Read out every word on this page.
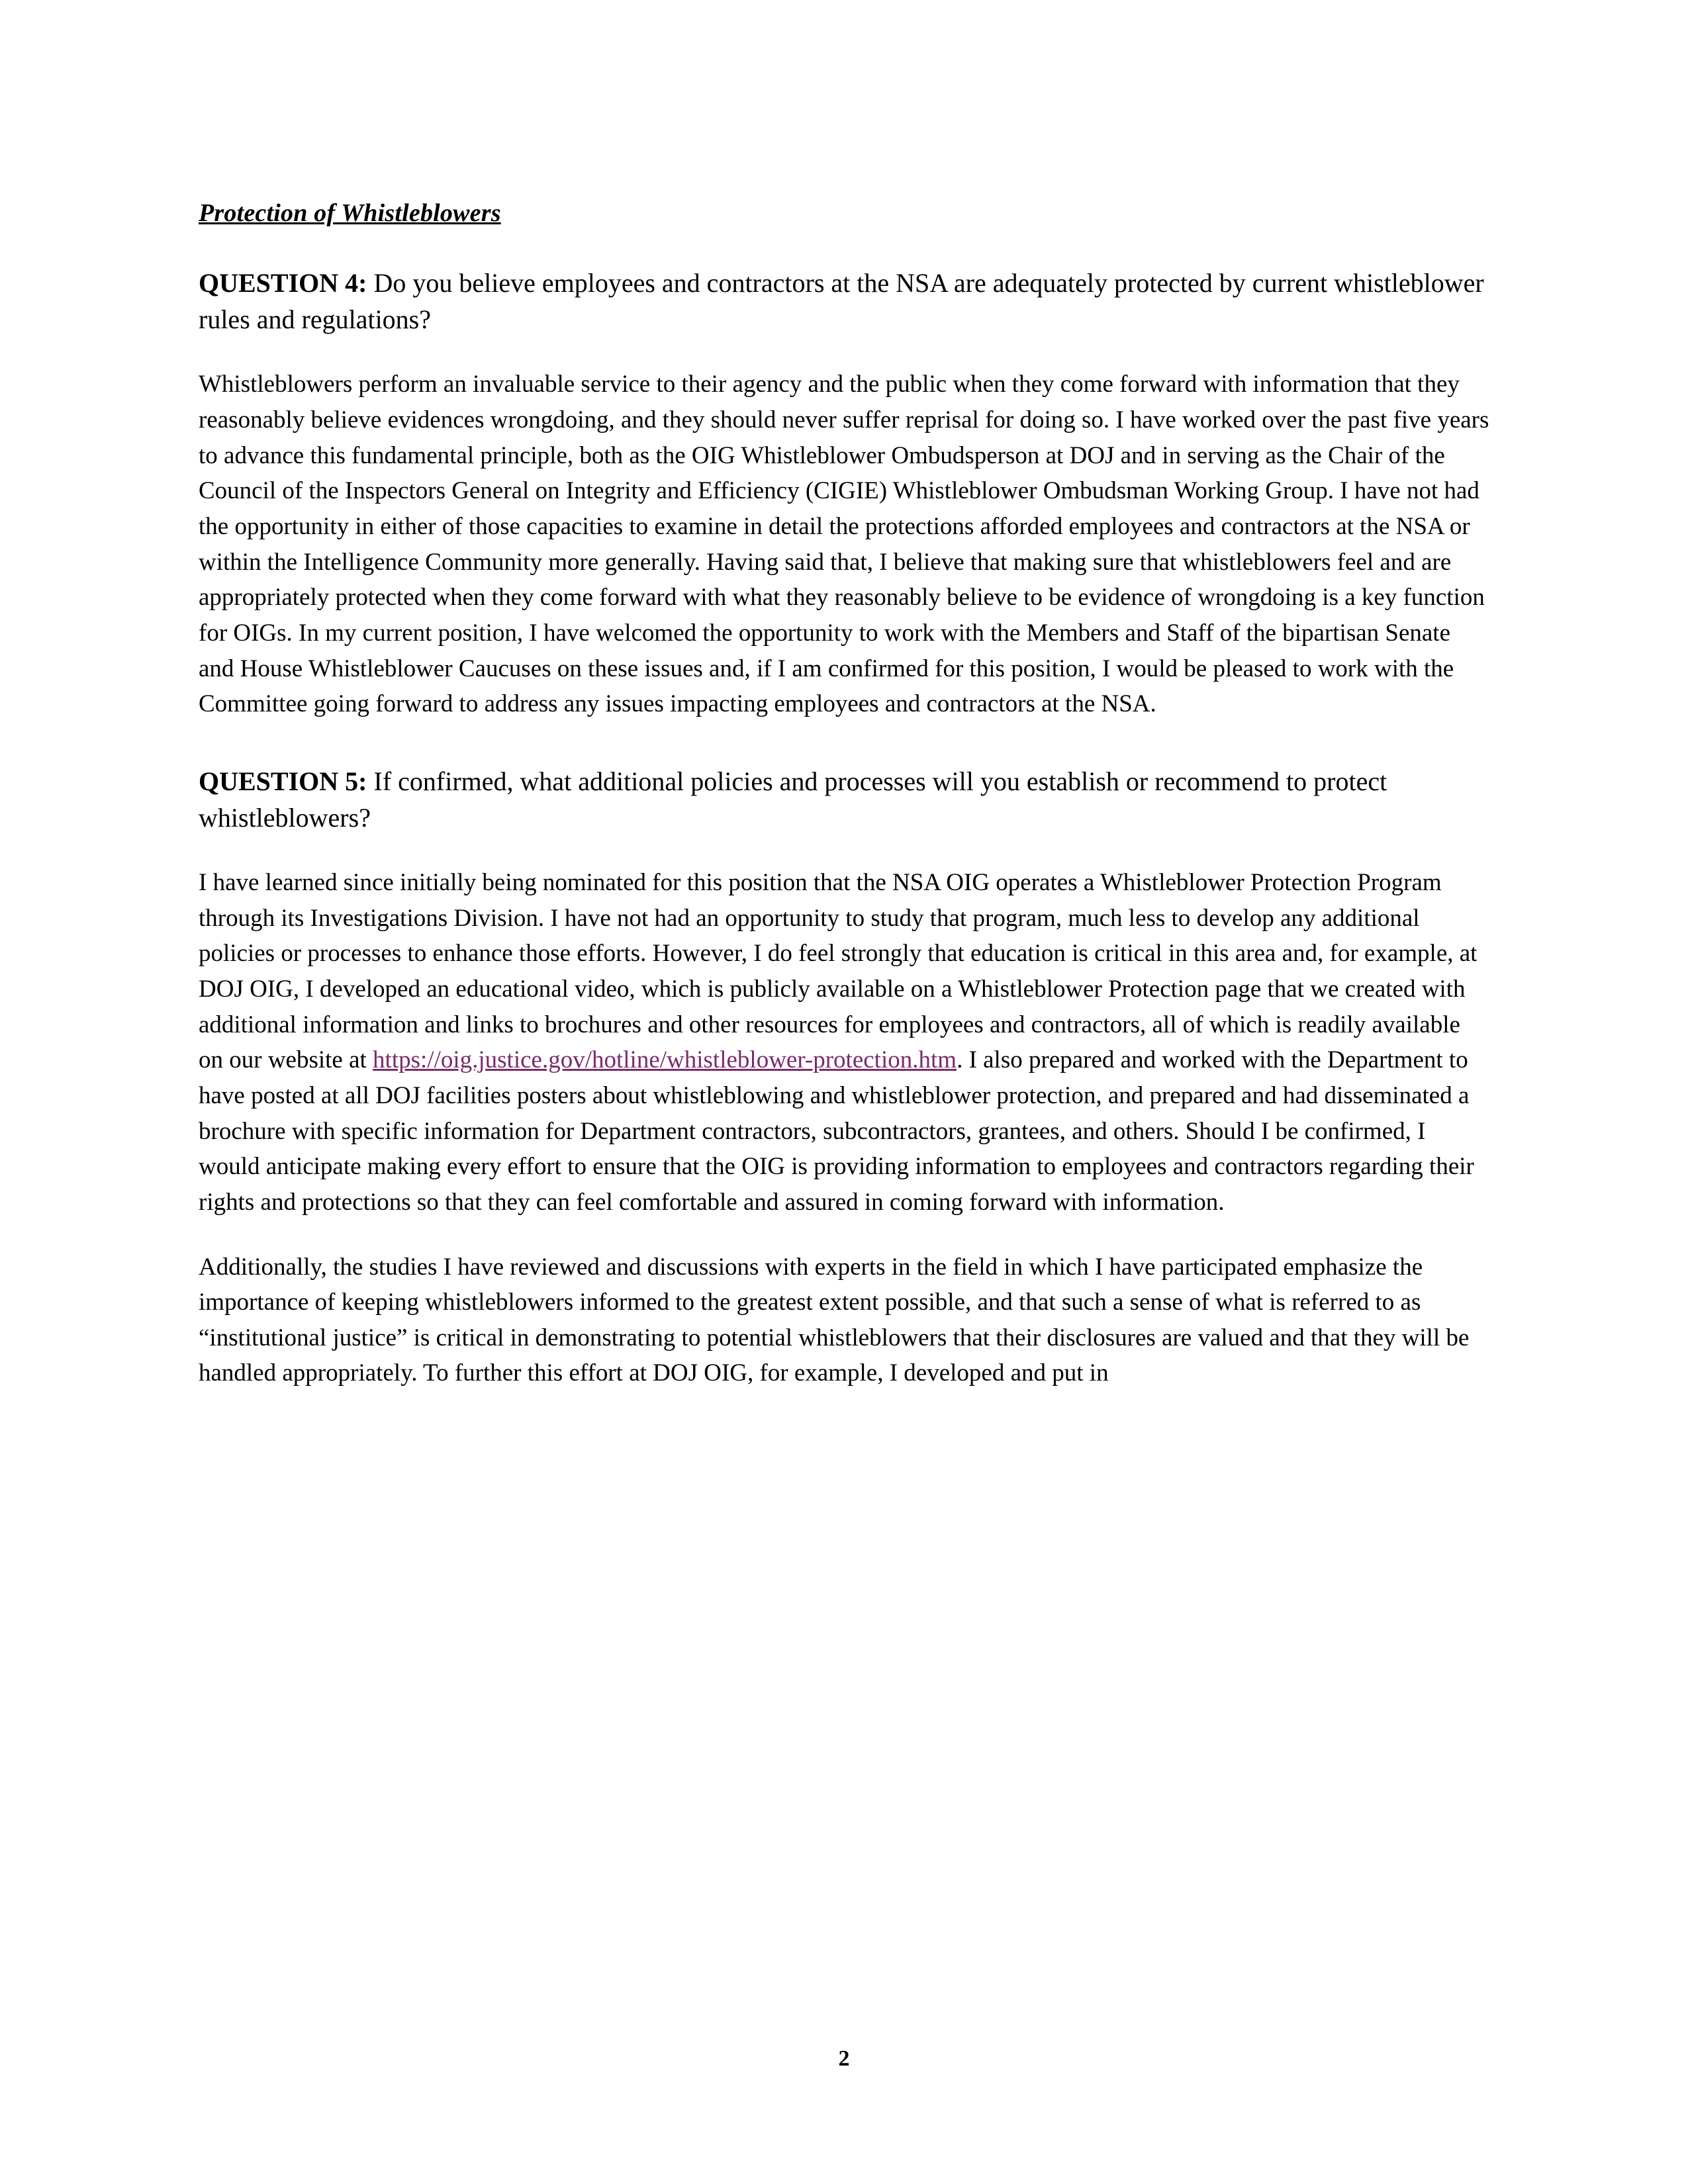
Protection of Whistleblowers

QUESTION 4: Do you believe employees and contractors at the NSA are adequately protected by current whistleblower rules and regulations?

Whistleblowers perform an invaluable service to their agency and the public when they come forward with information that they reasonably believe evidences wrongdoing, and they should never suffer reprisal for doing so. I have worked over the past five years to advance this fundamental principle, both as the OIG Whistleblower Ombudsperson at DOJ and in serving as the Chair of the Council of the Inspectors General on Integrity and Efficiency (CIGIE) Whistleblower Ombudsman Working Group. I have not had the opportunity in either of those capacities to examine in detail the protections afforded employees and contractors at the NSA or within the Intelligence Community more generally. Having said that, I believe that making sure that whistleblowers feel and are appropriately protected when they come forward with what they reasonably believe to be evidence of wrongdoing is a key function for OIGs. In my current position, I have welcomed the opportunity to work with the Members and Staff of the bipartisan Senate and House Whistleblower Caucuses on these issues and, if I am confirmed for this position, I would be pleased to work with the Committee going forward to address any issues impacting employees and contractors at the NSA.

QUESTION 5: If confirmed, what additional policies and processes will you establish or recommend to protect whistleblowers?

I have learned since initially being nominated for this position that the NSA OIG operates a Whistleblower Protection Program through its Investigations Division. I have not had an opportunity to study that program, much less to develop any additional policies or processes to enhance those efforts. However, I do feel strongly that education is critical in this area and, for example, at DOJ OIG, I developed an educational video, which is publicly available on a Whistleblower Protection page that we created with additional information and links to brochures and other resources for employees and contractors, all of which is readily available on our website at https://oig.justice.gov/hotline/whistleblower-protection.htm. I also prepared and worked with the Department to have posted at all DOJ facilities posters about whistleblowing and whistleblower protection, and prepared and had disseminated a brochure with specific information for Department contractors, subcontractors, grantees, and others. Should I be confirmed, I would anticipate making every effort to ensure that the OIG is providing information to employees and contractors regarding their rights and protections so that they can feel comfortable and assured in coming forward with information.

Additionally, the studies I have reviewed and discussions with experts in the field in which I have participated emphasize the importance of keeping whistleblowers informed to the greatest extent possible, and that such a sense of what is referred to as “institutional justice” is critical in demonstrating to potential whistleblowers that their disclosures are valued and that they will be handled appropriately. To further this effort at DOJ OIG, for example, I developed and put in

2
